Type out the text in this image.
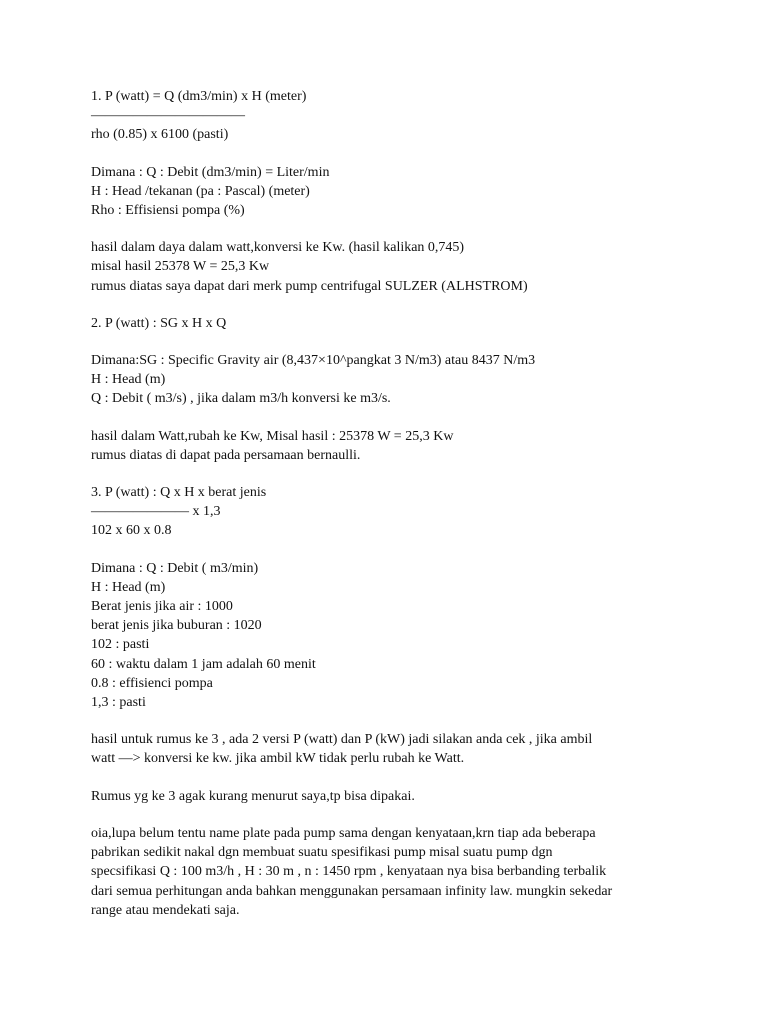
1. P (watt) = Q (dm3/min) x H (meter)
———————————
rho (0.85) x 6100 (pasti)
Dimana : Q : Debit (dm3/min) = Liter/min
H : Head /tekanan (pa : Pascal) (meter)
Rho : Effisiensi pompa (%)
hasil dalam daya dalam watt,konversi ke Kw. (hasil kalikan 0,745)
misal hasil 25378 W = 25,3 Kw
rumus diatas saya dapat dari merk pump centrifugal SULZER (ALHSTROM)
2. P (watt) : SG x H x Q
Dimana:SG : Specific Gravity air (8,437×10^pangkat 3 N/m3) atau 8437 N/m3
H : Head (m)
Q : Debit ( m3/s) , jika dalam m3/h konversi ke m3/s.
hasil dalam Watt,rubah ke Kw, Misal hasil : 25378 W = 25,3 Kw
rumus diatas di dapat pada persamaan bernaulli.
3. P (watt) : Q x H x berat jenis
——————— x 1,3
102 x 60 x 0.8
Dimana : Q : Debit ( m3/min)
H : Head (m)
Berat jenis jika air : 1000
berat jenis jika buburan : 1020
102 : pasti
60 : waktu dalam 1 jam adalah 60 menit
0.8 : effisienci pompa
1,3 : pasti
hasil untuk rumus ke 3 , ada 2 versi P (watt) dan P (kW) jadi silakan anda cek , jika ambil
watt —> konversi ke kw. jika ambil kW tidak perlu rubah ke Watt.
Rumus yg ke 3 agak kurang menurut saya,tp bisa dipakai.
oia,lupa belum tentu name plate pada pump sama dengan kenyataan,krn tiap ada beberapa
pabrikan sedikit nakal dgn membuat suatu spesifikasi pump misal suatu pump dgn
specsifikasi Q : 100 m3/h , H : 30 m , n : 1450 rpm , kenyataan nya bisa berbanding terbalik
dari semua perhitungan anda bahkan menggunakan persamaan infinity law. mungkin sekedar
range atau mendekati saja.
